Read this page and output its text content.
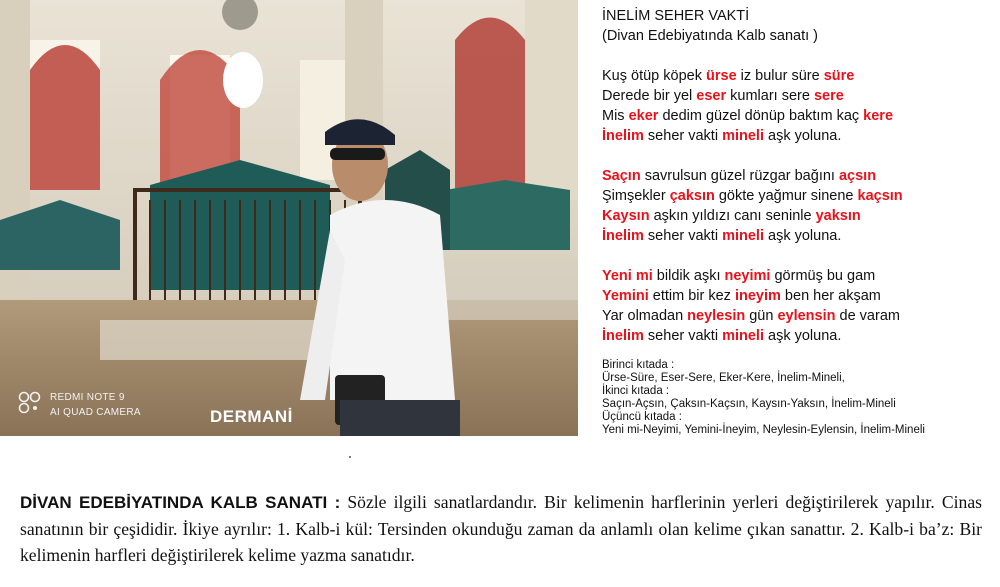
REDMI NOTE 9
AI QUAD CAMERA	DERMANİ
İNELİM SEHER VAKTİ
(Divan Edebiyatında Kalb sanatı )
Kuş ötüp köpek ürse iz bulur süre süre
Derede bir yel eser kumları sere sere
Mis eker dedim güzel dönüp baktım kaç kere
İnelim seher vakti mineli aşk yoluna.
Saçın savrulsun güzel rüzgar bağını açsın
Şimşekler çaksın gökte yağmur sinene kaçsın
Kaysın aşkın yıldızı canı seninle yaksın
İnelim seher vakti mineli aşk yoluna.
Yeni mi bildik aşkı neyimi görmüş bu gam
Yemini ettim bir kez ineyim ben her akşam
Yar olmadan neylesin gün eylensin de varam
İnelim seher vakti mineli aşk yoluna.
Birinci kıtada :
Ürse-Süre, Eser-Sere, Eker-Kere, İnelim-Mineli,
İkinci kıtada :
Saçın-Açsın, Çaksın-Kaçsın, Kaysın-Yaksın, İnelim-Mineli
Üçüncü kıtada :
Yeni mi-Neyimi, Yemini-İneyim, Neylesin-Eylensin, İnelim-Mineli
DİVAN EDEBİYATINDA KALB SANATI : Sözle ilgili sanatlardandır. Bir kelimenin harflerinin yerleri değiştirilerek yapılır. Cinas sanatının bir çeşididir. İkiye ayrılır: 1. Kalb-i kül: Tersinden okunduğu zaman da anlamlı olan kelime çıkan sanattır. 2. Kalb-i ba’z: Bir kelimenin harfleri değiştirilerek kelime yazma sanatıdır.
